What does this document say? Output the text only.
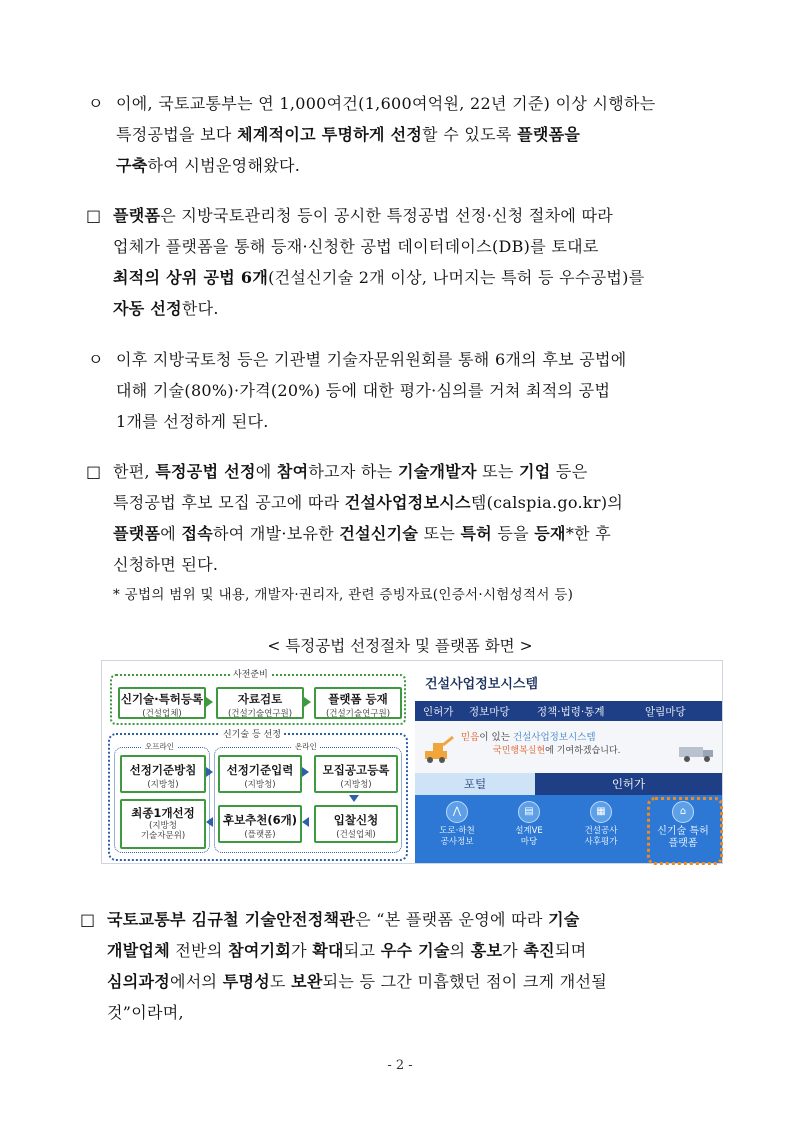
ㅇ 이에, 국토교통부는 연 1,000여건(1,600여억원, 22년 기준) 이상 시행하는
특정공법을 보다 체계적이고 투명하게 선정할 수 있도록 플랫폼을
구축하여 시범운영해왔다.
□ 플랫폼은 지방국토관리청 등이 공시한 특정공법 선정·신청 절차에 따라
업체가 플랫폼을 통해 등재·신청한 공법 데이터데이스(DB)를 토대로
최적의 상위 공법 6개(건설신기술 2개 이상, 나머지는 특허 등 우수공법)를
자동 선정한다.
ㅇ 이후 지방국토청 등은 기관별 기술자문위원회를 통해 6개의 후보 공법에
대해 기술(80%)·가격(20%) 등에 대한 평가·심의를 거쳐 최적의 공법
1개를 선정하게 된다.
□ 한편, 특정공법 선정에 참여하고자 하는 기술개발자 또는 기업 등은
특정공법 후보 모집 공고에 따라 건설사업정보시스템(calspia.go.kr)의
플랫폼에 접속하여 개발·보유한 건설신기술 또는 특허 등을 등재*한 후
신청하면 된다.
* 공법의 범위 및 내용, 개발자·권리자, 관련 증빙자료(인증서·시험성적서 등)
< 특정공법 선정절차 및 플랫폼 화면 >
사전준비
신기술·특허등록
(건설업체)
자료검토
(건설기술연구원)
플랫폼 등재
(건설기술연구원)
신기술 등 선정
오프라인	온라인
선정기준방침
(지방청)
선정기준입력
(지방청)
모집공고등록
(지방청)
최종1개선정
(지방청
기술자문위)
후보추천(6개)
(플랫폼)
입찰신청
(건설업체)
건설사업정보시스템
인허가 정보마당	정책·법령·통계	알림마당
믿음이 있는 건설사업정보시스템
국민행복실현에 기여하겠습니다.
포털	인허가
⋀
도로·하천
공사정보
▤
설계VE
마당
▦
건설공사
사후평가
⌂
신기술 특허
플랫폼
□ 국토교통부 김규철 기술안전정책관은 “본 플랫폼 운영에 따라 기술
개발업체 전반의 참여기회가 확대되고 우수 기술의 홍보가 촉진되며
심의과정에서의 투명성도 보완되는 등 그간 미흡했던 점이 크게 개선될
것”이라며,
- 2 -
